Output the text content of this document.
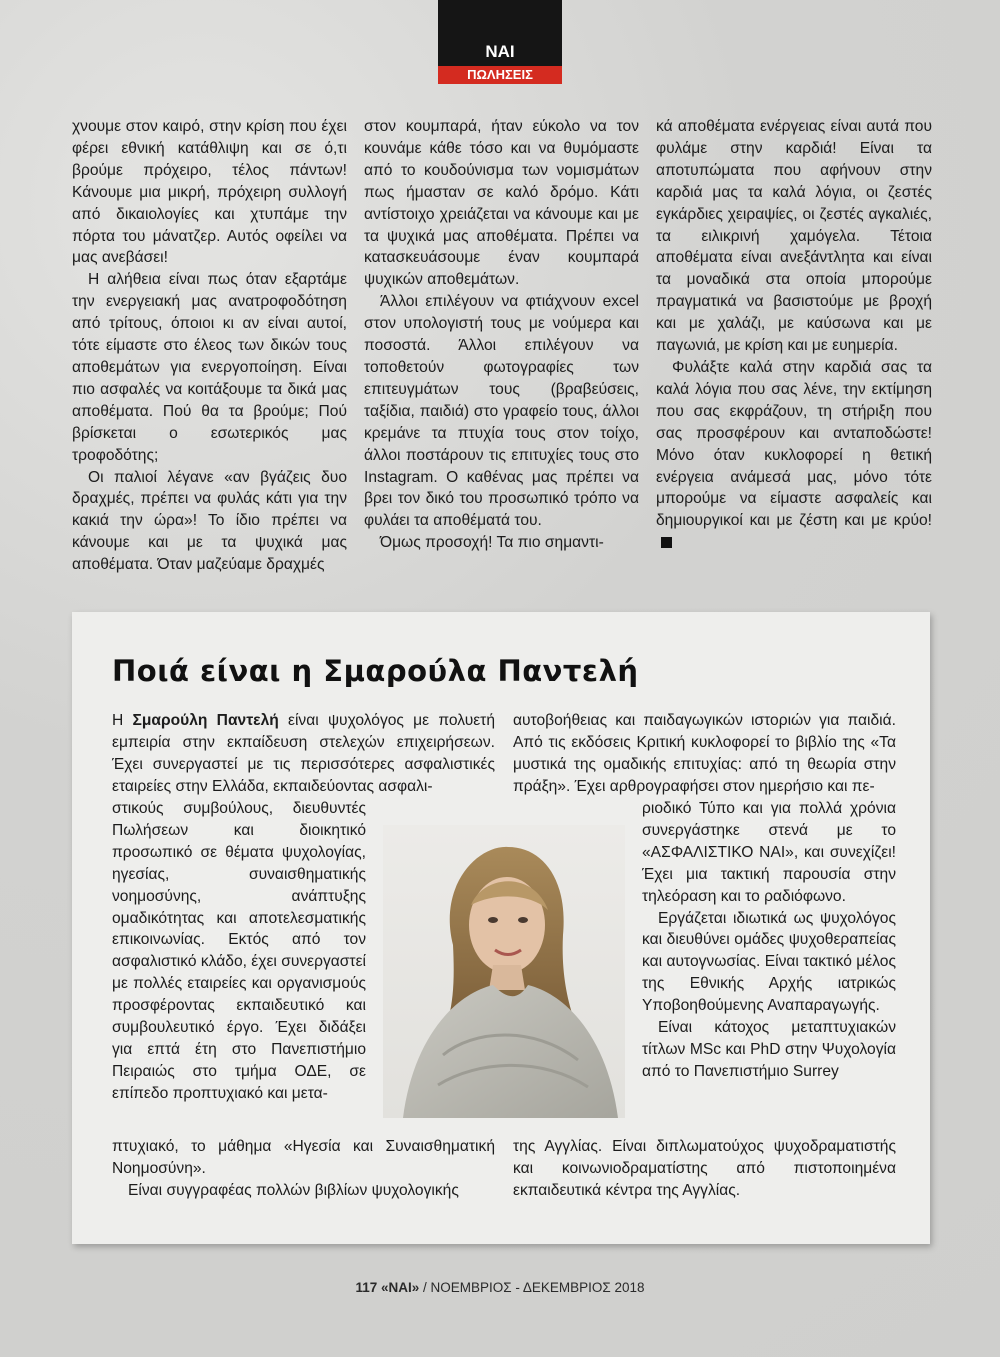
ΝΑΙ
ΠΩΛΗΣΕΙΣ

χνουμε στον καιρό, στην κρίση που έχει φέρει εθνική κατάθλιψη και σε ό,τι βρούμε πρόχειρο, τέλος πάντων! Κάνουμε μια μικρή, πρόχειρη συλλογή από δικαιολογίες και χτυπάμε την πόρτα του μάνατζερ. Αυτός οφείλει να μας ανεβάσει!

Η αλήθεια είναι πως όταν εξαρτάμε την ενεργειακή μας ανατροφοδότηση από τρίτους, όποιοι κι αν είναι αυτοί, τότε είμαστε στο έλεος των δικών τους αποθεμάτων για ενεργοποίηση. Είναι πιο ασφαλές να κοιτάξουμε τα δικά μας αποθέματα. Πού θα τα βρούμε; Πού βρίσκεται ο εσωτερικός μας τροφοδότης;

Οι παλιοί λέγανε «αν βγάζεις δυο δραχμές, πρέπει να φυλάς κάτι για την κακιά την ώρα»! Το ίδιο πρέπει να κάνουμε και με τα ψυχικά μας αποθέματα. Όταν μαζεύαμε δραχμές

στον κουμπαρά, ήταν εύκολο να τον κουνάμε κάθε τόσο και να θυμόμαστε από το κουδούνισμα των νομισμάτων πως ήμασταν σε καλό δρόμο. Κάτι αντίστοιχο χρειάζεται να κάνουμε και με τα ψυχικά μας αποθέματα. Πρέπει να κατασκευάσουμε έναν κουμπαρά ψυχικών αποθεμάτων.

Άλλοι επιλέγουν να φτιάχνουν excel στον υπολογιστή τους με νούμερα και ποσοστά. Άλλοι επιλέγουν να τοποθετούν φωτογραφίες των επιτευγμάτων τους (βραβεύσεις, ταξίδια, παιδιά) στο γραφείο τους, άλλοι κρεμάνε τα πτυχία τους στον τοίχο, άλλοι ποστάρουν τις επιτυχίες τους στο Instagram. Ο καθένας μας πρέπει να βρει τον δικό του προσωπικό τρόπο να φυλάει τα αποθέματά του.

Όμως προσοχή! Τα πιο σημαντι-

κά αποθέματα ενέργειας είναι αυτά που φυλάμε στην καρδιά! Είναι τα αποτυπώματα που αφήνουν στην καρδιά μας τα καλά λόγια, οι ζεστές εγκάρδιες χειραψίες, οι ζεστές αγκαλιές, τα ειλικρινή χαμόγελα. Τέτοια αποθέματα είναι ανεξάντλητα και είναι τα μοναδικά στα οποία μπορούμε πραγματικά να βασιστούμε με βροχή και με χαλάζι, με καύσωνα και με παγωνιά, με κρίση και με ευημερία.

Φυλάξτε καλά στην καρδιά σας τα καλά λόγια που σας λένε, την εκτίμηση που σας εκφράζουν, τη στήριξη που σας προσφέρουν και ανταποδώστε! Μόνο όταν κυκλοφορεί η θετική ενέργεια ανάμεσά μας, μόνο τότε μπορούμε να είμαστε ασφαλείς και δημιουργικοί και με ζέστη και με κρύο!

Ποιά είναι η Σμαρούλα Παντελή

Η Σμαρούλη Παντελή είναι ψυχολόγος με πολυετή εμπειρία στην εκπαίδευση στελεχών επιχειρήσεων. Έχει συνεργαστεί με τις περισσότερες ασφαλιστικές εταιρείες στην Ελλάδα, εκπαιδεύοντας ασφαλι-

στικούς συμβούλους, διευθυντές Πωλήσεων και διοικητικό προσωπικό σε θέματα ψυχολογίας, ηγεσίας, συναισθηματικής νοημοσύνης, ανάπτυξης ομαδικότητας και αποτελεσματικής επικοινωνίας. Εκτός από τον ασφαλιστικό κλάδο, έχει συνεργαστεί με πολλές εταιρείες και οργανισμούς προσφέροντας εκπαιδευτικό και συμβουλευτικό έργο. Έχει διδάξει για επτά έτη στο Πανεπιστήμιο Πειραιώς στο τμήμα ΟΔΕ, σε επίπεδο προπτυχιακό και μετα-

πτυχιακό, το μάθημα «Ηγεσία και Συναισθηματική Νοημοσύνη».

Είναι συγγραφέας πολλών βιβλίων ψυχολογικής

αυτοβοήθειας και παιδαγωγικών ιστοριών για παιδιά. Από τις εκδόσεις Κριτική κυκλοφορεί το βιβλίο της «Τα μυστικά της ομαδικής επιτυχίας: από τη θεωρία στην πράξη». Έχει αρθρογραφήσει στον ημερήσιο και πε-

ριοδικό Τύπο και για πολλά χρόνια συνεργάστηκε στενά με το «ΑΣΦΑΛΙΣΤΙΚΟ ΝΑΙ», και συνεχίζει! Έχει μια τακτική παρουσία στην τηλεόραση και το ραδιόφωνο.

Εργάζεται ιδιωτικά ως ψυχολόγος και διευθύνει ομάδες ψυχοθεραπείας και αυτογνωσίας. Είναι τακτικό μέλος της Εθνικής Αρχής ιατρικώς Υποβοηθούμενης Αναπαραγωγής.

Είναι κάτοχος μεταπτυχιακών τίτλων MSc και PhD στην Ψυχολογία από το Πανεπιστήμιο Surrey

της Αγγλίας. Είναι διπλωματούχος ψυχοδραματιστής και κοινωνιοδραματίστης από πιστοποιημένα εκπαιδευτικά κέντρα της Αγγλίας.

117 «ΝΑΙ» / ΝΟΕΜΒΡΙΟΣ - ΔΕΚΕΜΒΡΙΟΣ 2018
